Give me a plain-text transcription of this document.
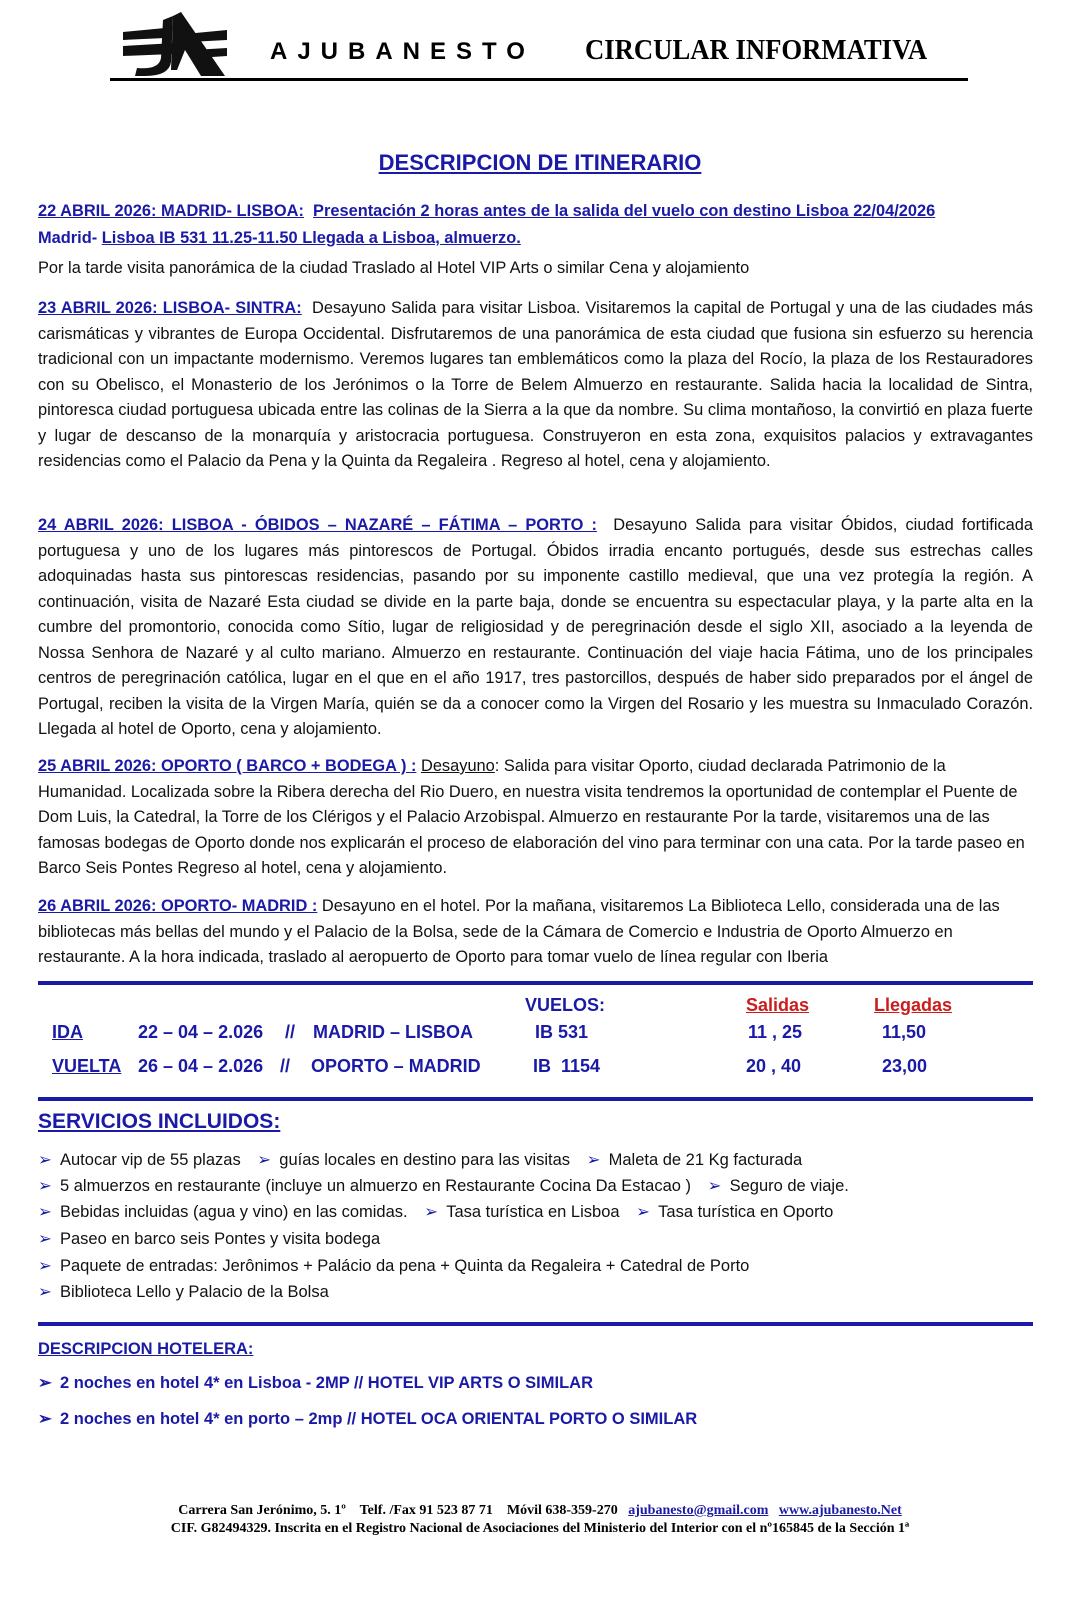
AJUBANESTO CIRCULAR INFORMATIVA
DESCRIPCION DE ITINERARIO

22 ABRIL 2026: MADRID- LISBOA: Presentación 2 horas antes de la salida del vuelo con destino Lisboa 22/04/2026
Madrid- Lisboa IB 531 11.25-11.50 Llegada a Lisboa, almuerzo.

Por la tarde visita panorámica de la ciudad Traslado al Hotel VIP Arts o similar Cena y alojamiento

23 ABRIL 2026: LISBOA- SINTRA: Desayuno Salida para visitar Lisboa. Visitaremos la capital de Portugal y una de las ciudades más carismáticas y vibrantes de Europa Occidental. Disfrutaremos de una panorámica de esta ciudad que fusiona sin esfuerzo su herencia tradicional con un impactante modernismo. Veremos lugares tan emblemáticos como la plaza del Rocío, la plaza de los Restauradores con su Obelisco, el Monasterio de los Jerónimos o la Torre de Belem Almuerzo en restaurante. Salida hacia la localidad de Sintra, pintoresca ciudad portuguesa ubicada entre las colinas de la Sierra a la que da nombre. Su clima montañoso, la convirtió en plaza fuerte y lugar de descanso de la monarquía y aristocracia portuguesa. Construyeron en esta zona, exquisitos palacios y extravagantes residencias como el Palacio da Pena y la Quinta da Regaleira . Regreso al hotel, cena y alojamiento.

24 ABRIL 2026: LISBOA - ÓBIDOS – NAZARÉ – FÁTIMA – PORTO : Desayuno Salida para visitar Óbidos, ciudad fortificada portuguesa y uno de los lugares más pintorescos de Portugal. Óbidos irradia encanto portugués, desde sus estrechas calles adoquinadas hasta sus pintorescas residencias, pasando por su imponente castillo medieval, que una vez protegía la región. A continuación, visita de Nazaré Esta ciudad se divide en la parte baja, donde se encuentra su espectacular playa, y la parte alta en la cumbre del promontorio, conocida como Sítio, lugar de religiosidad y de peregrinación desde el siglo XII, asociado a la leyenda de Nossa Senhora de Nazaré y al culto mariano. Almuerzo en restaurante. Continuación del viaje hacia Fátima, uno de los principales centros de peregrinación católica, lugar en el que en el año 1917, tres pastorcillos, después de haber sido preparados por el ángel de Portugal, reciben la visita de la Virgen María, quién se da a conocer como la Virgen del Rosario y les muestra su Inmaculado Corazón. Llegada al hotel de Oporto, cena y alojamiento.

25 ABRIL 2026: OPORTO ( BARCO + BODEGA ) : Desayuno: Salida para visitar Oporto, ciudad declarada Patrimonio de la Humanidad. Localizada sobre la Ribera derecha del Rio Duero, en nuestra visita tendremos la oportunidad de contemplar el Puente de Dom Luis, la Catedral, la Torre de los Clérigos y el Palacio Arzobispal. Almuerzo en restaurante Por la tarde, visitaremos una de las famosas bodegas de Oporto donde nos explicarán el proceso de elaboración del vino para terminar con una cata. Por la tarde paseo en Barco Seis Pontes Regreso al hotel, cena y alojamiento.

26 ABRIL 2026: OPORTO- MADRID : Desayuno en el hotel. Por la mañana, visitaremos La Biblioteca Lello, considerada una de las bibliotecas más bellas del mundo y el Palacio de la Bolsa, sede de la Cámara de Comercio e Industria de Oporto Almuerzo en restaurante. A la hora indicada, traslado al aeropuerto de Oporto para tomar vuelo de línea regular con Iberia

VUELOS:	Salidas	Llegadas
IDA	22 – 04 – 2.026 // MADRID – LISBOA	IB 531	11 , 25	11,50
VUELTA 26 – 04 – 2.026 // OPORTO – MADRID	IB  1154	20 , 40	23,00
SERVICIOS INCLUIDOS:
➢ Autocar vip de 55 plazas ➢ guías locales en destino para las visitas ➢ Maleta de 21 Kg facturada
➢ 5 almuerzos en restaurante (incluye un almuerzo en Restaurante Cocina Da Estacao ) ➢ Seguro de viaje.
➢ Bebidas incluidas (agua y vino) en las comidas. ➢ Tasa turística en Lisboa ➢ Tasa turística en Oporto
➢ Paseo en barco seis Pontes y visita bodega
➢ Paquete de entradas: Jerônimos + Palácio da pena + Quinta da Regaleira + Catedral de Porto
➢ Biblioteca Lello y Palacio de la Bolsa
DESCRIPCION HOTELERA:
➢ 2 noches en hotel 4* en Lisboa - 2MP // HOTEL VIP ARTS O SIMILAR
➢ 2 noches en hotel 4* en porto – 2mp // HOTEL OCA ORIENTAL PORTO O SIMILAR
Carrera San Jerónimo, 5. 1º Telf. /Fax 91 523 87 71 Móvil 638-359-270 ajubanesto@gmail.com www.ajubanesto.Net
CIF. G82494329. Inscrita en el Registro Nacional de Asociaciones del Ministerio del Interior con el nº165845 de la Sección 1ª
